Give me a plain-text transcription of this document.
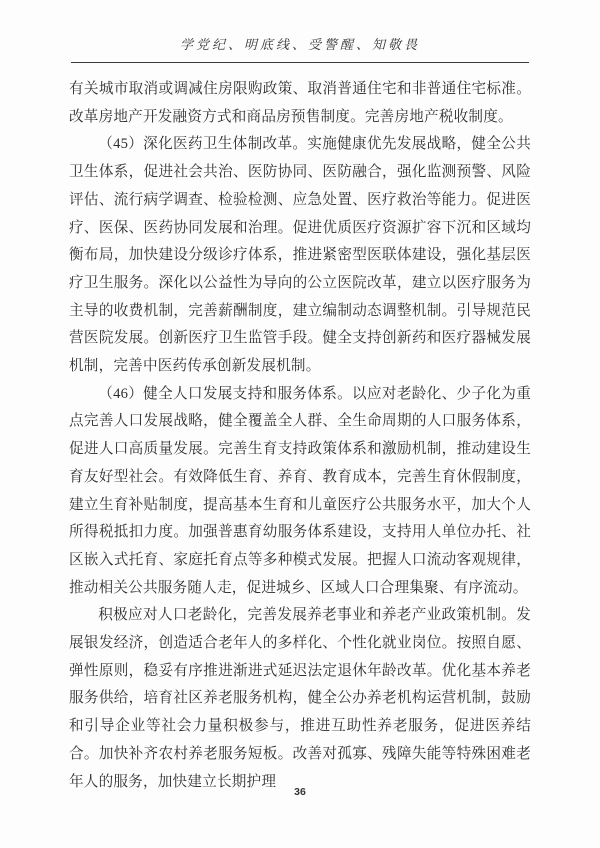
学党纪、明底线、受警醒、知敬畏

有关城市取消或调减住房限购政策、取消普通住宅和非普通住宅标准。改革房地产开发融资方式和商品房预售制度。完善房地产税收制度。

（45）深化医药卫生体制改革。实施健康优先发展战略，健全公共卫生体系，促进社会共治、医防协同、医防融合，强化监测预警、风险评估、流行病学调查、检验检测、应急处置、医疗救治等能力。促进医疗、医保、医药协同发展和治理。促进优质医疗资源扩容下沉和区域均衡布局，加快建设分级诊疗体系，推进紧密型医联体建设，强化基层医疗卫生服务。深化以公益性为导向的公立医院改革，建立以医疗服务为主导的收费机制，完善薪酬制度，建立编制动态调整机制。引导规范民营医院发展。创新医疗卫生监管手段。健全支持创新药和医疗器械发展机制，完善中医药传承创新发展机制。

（46）健全人口发展支持和服务体系。以应对老龄化、少子化为重点完善人口发展战略，健全覆盖全人群、全生命周期的人口服务体系，促进人口高质量发展。完善生育支持政策体系和激励机制，推动建设生育友好型社会。有效降低生育、养育、教育成本，完善生育休假制度，建立生育补贴制度，提高基本生育和儿童医疗公共服务水平，加大个人所得税抵扣力度。加强普惠育幼服务体系建设，支持用人单位办托、社区嵌入式托育、家庭托育点等多种模式发展。把握人口流动客观规律，推动相关公共服务随人走，促进城乡、区域人口合理集聚、有序流动。

积极应对人口老龄化，完善发展养老事业和养老产业政策机制。发展银发经济，创造适合老年人的多样化、个性化就业岗位。按照自愿、弹性原则，稳妥有序推进渐进式延迟法定退休年龄改革。优化基本养老服务供给，培育社区养老服务机构，健全公办养老机构运营机制，鼓励和引导企业等社会力量积极参与，推进互助性养老服务，促进医养结合。加快补齐农村养老服务短板。改善对孤寡、残障失能等特殊困难老年人的服务，加快建立长期护理

36
